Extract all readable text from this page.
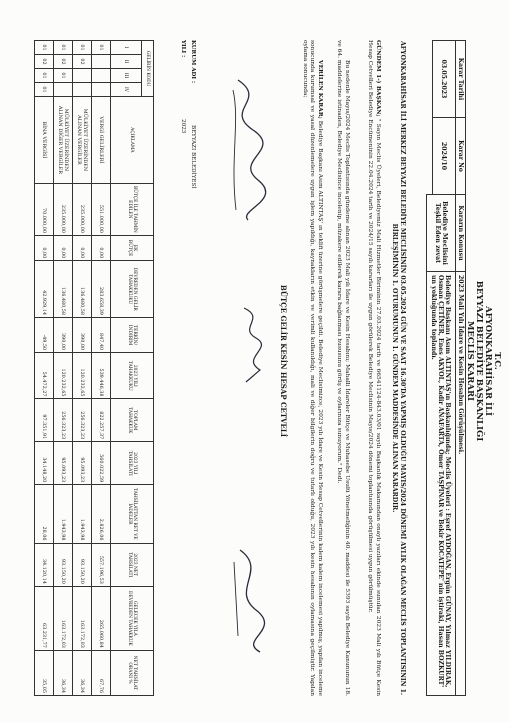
T.C.
AFYONKARAHİSAR İLİ
BEYYAZI BELEDİYE BAŞKANLIĞI
MECLİS KARARI
Karar Tarihi	Karar No	Kararın Konusu	2023 Mali Yılı İdare ve Kesin Hesabın Görüşülmesi.
03.05.2023	2024/10	Belediye Meclisini Teşkil Eden zevat	Belediye Başkanı Asım ALTINTAŞ'ın Başkanlığında; Meclis Üyeleri : Eşref AYDOĞAN, Ergün GÜNAY, Yılmaz YILDIRAK, Osman ÇETİNER, Enes AKYOL, Kadir ANAFARTA, Ömer TAŞPINAR ve Bekir KOCATEPE' nin iştiraki, Hasan BOZKURT' un yokluğunda toplandı.

AFYONKARAHİSAR İLİ MERKEZ BEYYAZI BELEDİYE MECLİSİNİN 03.05.2024 GÜN VE SAAT 16.30'DA YAPMIŞ OLDUĞU MAYIS/2024 DÖNEMİ AYLIK OLAĞAN MECLİS TOPLANTISININ 1. BİRLEŞİMİNİN 1. OTURUMUNUN 1. GÜNDEM MADDESİNDE ALINAN KARARDIR.
GÜNDEM 1-) BAŞKAN; " Sayın Meclis Üyeleri, Belediyemiz Mali Hizmetler Biriminin 27.03.2024 tarih ve 66541124-843.03/01 sayılı Başkanlık Makamından onaylı yazıları ekinde sunulan 2023 Mali yılı Bütçe Kesin Hesap Cetvelleri Belediye Encümeninin 22.04.2024 tarih ve 2024/15 sayılı kararları ile uygun görülerek Belediye Meclisinin Mayıs/2024 dönemi toplantısında görüşülmesi uygun görülmüştür.
Bu nedenle Mayıs/2024 Meclis Toplantısında gündeme alınan 2023 Mali yılı İdare ve Kesin Hesabını; Mahalli İdareler Bütçe ve Muhasebe Usulü Yönetmeliğinin 40. maddesi ile 5393 sayılı Belediye Kanununun 18. ve 64. maddelerine istinaden, Belediye Meclisince incelenip, müzakere edilerek karara bağlanması hususunu görüş ve oylarınıza sunuyorum." Dedi.
VERİLEN KARAR; Belediye Başkanı Asım ALTINTAŞ' ın teklifi üzerine görüşmelere geçildi. Belediye Meclisimizce, 2023 yılı İdare ve Kesin Hesap Cetvellerinin kalem kalem incelemesi yapılmış, yapılan inceleme sonucunda kurumsal ve yasal düzenlemelere uygun işlem yapıldığı, kaynakların etkin ve verimli kullanıldığı, mali ve diğer bilgilerin doğru ve tutarlı olduğu, 2023 yılı kesin hesabının oylamasına geçilmiştir. Yapılan oylama sonucunda;
BÜTÇE GELİR KESİN HESAP CETVELİ
KURUM ADI : BEYYAZI BELEDİYESİ
YILI : 2023
GELİRİN KODU				AÇIKLAMA	BÜTÇE İLE TAHMİN EDİLEN	EK BÜTÇE	DEVREDEN GELİR TAHAKKUKU	TERKİN/İNDİRİM	2023 YILI TAHAKKUKU	TOPLAM TAHAKKUK	2023 YILI TAHSİLATI	TAHSİLATTAN RET VE İADELER	2023 NET TAHSİLATI	GELECEK YILA DEVREDEN TAHAKKUK	NET TAHSİLAT ORANI %
I	II	III	IV												
01				VERGİ GELİRLERİ	551.000,00	0,00	283.658,39	847,40	539.446,38	822.257,37	560.022,59	2.826,06	557.196,53	265.060,84	67,76
01	02			MÜLKİYET ÜZERİNDEN ALINAN VERGİLER	235.000,00	0,00	136.480,58	390,00	120.232,65	256.323,23	95.093,23	1.943,98	93.150,20	163.172,03	36,34
01	02	01		MÜLKİYET ÜZERİNDEN ALINAN DİĞER VERGİLER	235.000,00	0,00	136.480,58	390,00	120.232,65	256.323,23	95.093,23	1.943,98	93.150,20	163.172,03	36,34
01	02	01	01	BİNA VERGİSİ	70.000,00	0,00	42.929,14	-49,50	54.472,27	97.351,91	34.148,20	28,06	34.120,14	63.231,77	35,05
